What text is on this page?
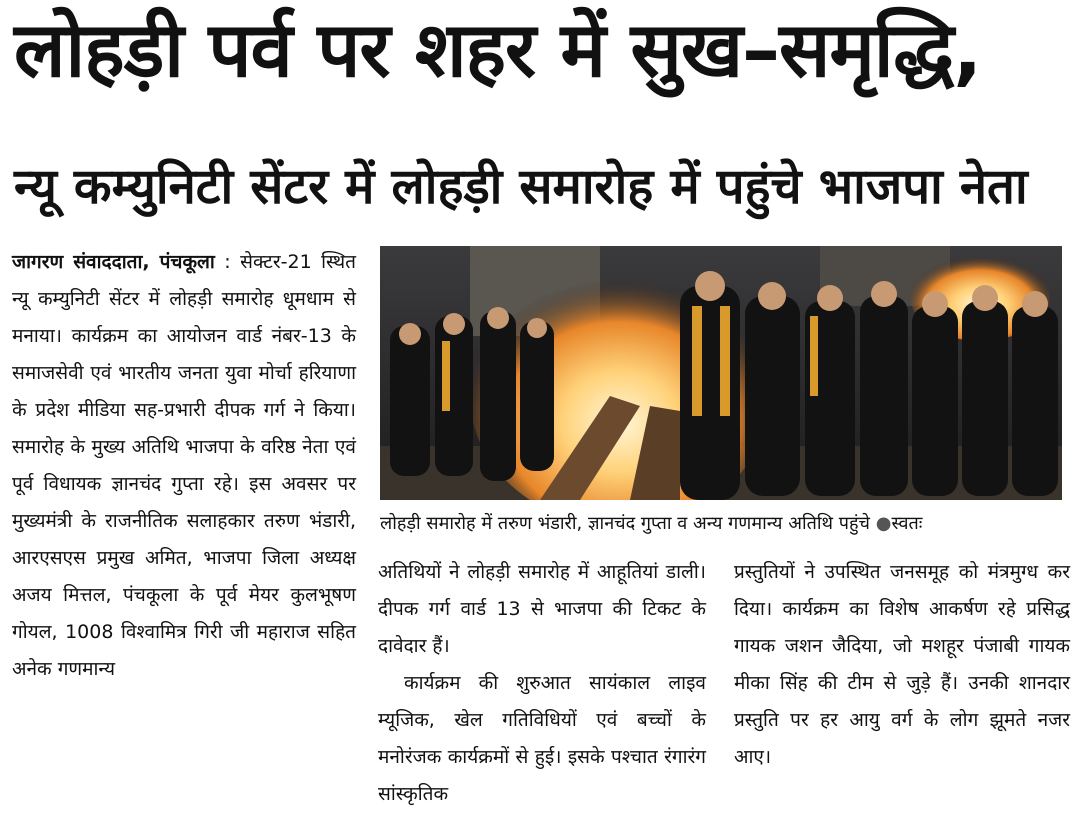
लोहड़ी पर्व पर शहर में सुख–समृद्धि,
न्यू कम्युनिटी सेंटर में लोहड़ी समारोह में पहुंचे भाजपा नेता

जागरण संवाददाता, पंचकूला : सेक्टर-21 स्थित न्यू कम्युनिटी सेंटर में लोहड़ी समारोह धूमधाम से मनाया। कार्यक्रम का आयोजन वार्ड नंबर-13 के समाजसेवी एवं भारतीय जनता युवा मोर्चा हरियाणा के प्रदेश मीडिया सह-प्रभारी दीपक गर्ग ने किया। समारोह के मुख्य अतिथि भाजपा के वरिष्ठ नेता एवं पूर्व विधायक ज्ञानचंद गुप्ता रहे। इस अवसर पर मुख्यमंत्री के राजनीतिक सलाहकार तरुण भंडारी, आरएसएस प्रमुख अमित, भाजपा जिला अध्यक्ष अजय मित्तल, पंचकूला के पूर्व मेयर कुलभूषण गोयल, 1008 विश्वामित्र गिरी जी महाराज सहित अनेक गणमान्य

लोहड़ी समारोह में तरुण भंडारी, ज्ञानचंद गुप्ता व अन्य गणमान्य अतिथि पहुंचे ●स्वतः

अतिथियों ने लोहड़ी समारोह में आहूतियां डाली। दीपक गर्ग वार्ड 13 से भाजपा की टिकट के दावेदार हैं।

कार्यक्रम की शुरुआत सायंकाल लाइव म्यूजिक, खेल गतिविधियों एवं बच्चों के मनोरंजक कार्यक्रमों से हुई। इसके पश्चात रंगारंग सांस्कृतिक

प्रस्तुतियों ने उपस्थित जनसमूह को मंत्रमुग्ध कर दिया। कार्यक्रम का विशेष आकर्षण रहे प्रसिद्ध गायक जशन जैदिया, जो मशहूर पंजाबी गायक मीका सिंह की टीम से जुड़े हैं। उनकी शानदार प्रस्तुति पर हर आयु वर्ग के लोग झूमते नजर आए।
